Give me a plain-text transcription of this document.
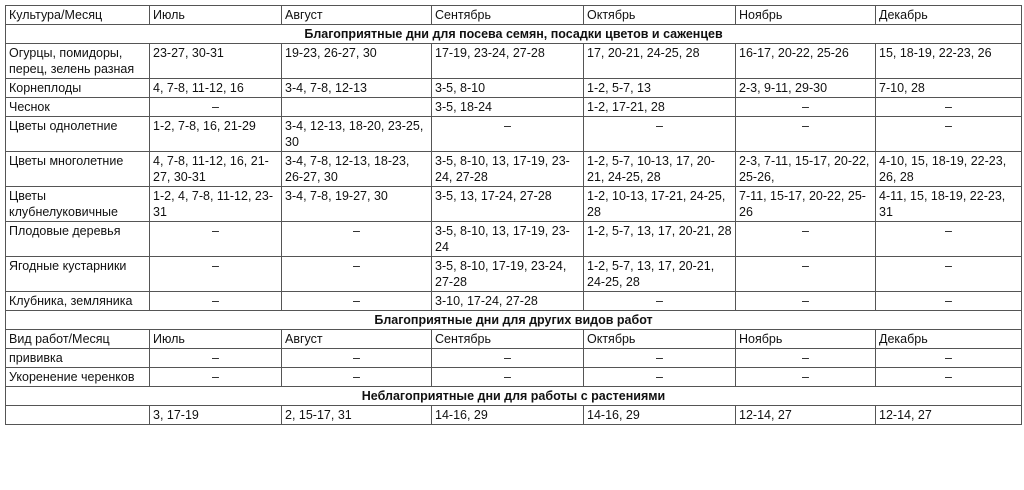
Культура/Месяц	Июль	Август	Сентябрь	Октябрь	Ноябрь	Декабрь
Благоприятные дни для посева семян, посадки цветов и саженцев						
Огурцы, помидоры, перец, зелень разная	23-27, 30-31	19-23, 26-27, 30	17-19, 23-24, 27-28	17, 20-21, 24-25, 28	16-17, 20-22, 25-26	15, 18-19, 22-23, 26
Корнеплоды	4, 7-8, 11-12, 16	3-4, 7-8, 12-13	3-5, 8-10	1-2, 5-7, 13	2-3, 9-11, 29-30	7-10, 28
Чеснок	–		3-5, 18-24	1-2, 17-21, 28	–	–
Цветы однолетние	1-2, 7-8, 16, 21-29	3-4, 12-13, 18-20, 23-25, 30	–	–	–	–
Цветы многолетние	4, 7-8, 11-12, 16, 21-27, 30-31	3-4, 7-8, 12-13, 18-23, 26-27, 30	3-5, 8-10, 13, 17-19, 23-24, 27-28	1-2, 5-7, 10-13, 17, 20-21, 24-25, 28	2-3, 7-11, 15-17, 20-22, 25-26,	4-10, 15, 18-19, 22-23, 26, 28
Цветы клубнелуковичные	1-2, 4, 7-8, 11-12, 23-31	3-4, 7-8, 19-27, 30	3-5, 13, 17-24, 27-28	1-2, 10-13, 17-21, 24-25, 28	7-11, 15-17, 20-22, 25-26	4-11, 15, 18-19, 22-23, 31
Плодовые деревья	–	–	3-5, 8-10, 13, 17-19, 23-24	1-2, 5-7, 13, 17, 20-21, 28	–	–
Ягодные кустарники	–	–	3-5, 8-10, 17-19, 23-24, 27-28	1-2, 5-7, 13, 17, 20-21, 24-25, 28	–	–
Клубника, земляника	–	–	3-10, 17-24, 27-28	–	–	–
Благоприятные дни для других видов работ						
Вид работ/Месяц	Июль	Август	Сентябрь	Октябрь	Ноябрь	Декабрь
прививка	–	–	–	–	–	–
Укоренение черенков	–	–	–	–	–	–
Неблагоприятные дни для работы с растениями						
	3, 17-19	2, 15-17, 31	14-16, 29	14-16, 29	12-14, 27	12-14, 27
